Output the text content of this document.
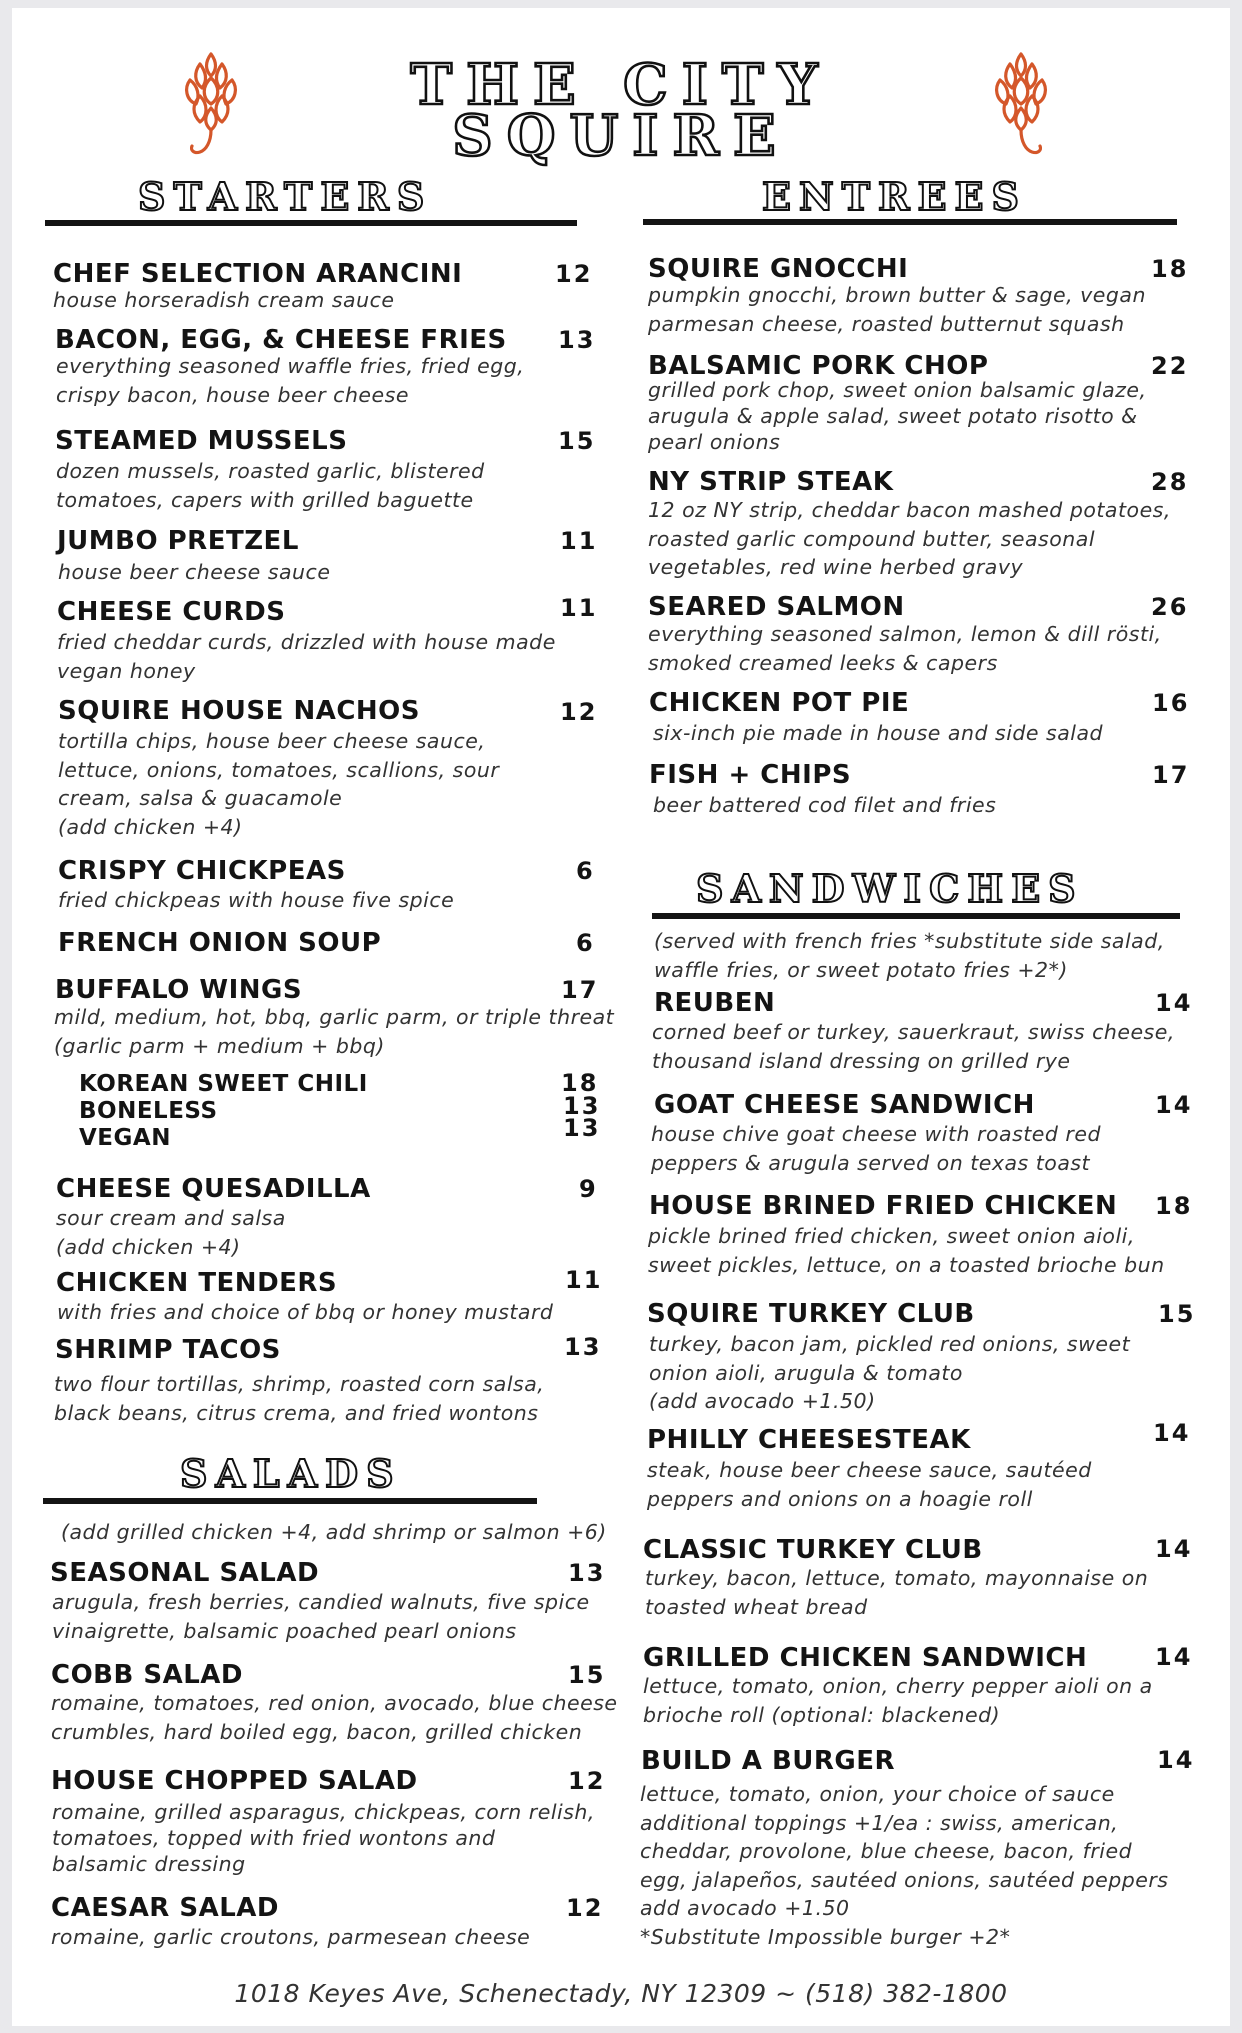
THE CITY
SQUIRE
STARTERS	ENTREES
SALADS
SANDWICHES
CHEF SELECTION ARANCINI	12
house horseradish cream sauce
BACON, EGG, & CHEESE FRIES 13
everything seasoned waffle fries, fried egg,
crispy bacon, house beer cheese
STEAMED MUSSELS	15
dozen mussels, roasted garlic, blistered
tomatoes, capers with grilled baguette
JUMBO PRETZEL	11
house beer cheese sauce
CHEESE CURDS	11
fried cheddar curds, drizzled with house made
vegan honey
SQUIRE HOUSE NACHOS	12
tortilla chips, house beer cheese sauce,
lettuce, onions, tomatoes, scallions, sour
cream, salsa & guacamole
(add chicken +4)
CRISPY CHICKPEAS	6
fried chickpeas with house five spice
FRENCH ONION SOUP	6
BUFFALO WINGS	17
mild, medium, hot, bbq, garlic parm, or triple threat
(garlic parm + medium + bbq)
KOREAN SWEET CHILI	18
BONELESS	13
VEGAN	13
CHEESE QUESADILLA	9
sour cream and salsa
(add chicken +4)
CHICKEN TENDERS	11
with fries and choice of bbq or honey mustard
SHRIMP TACOS	13
two flour tortillas, shrimp, roasted corn salsa,
black beans, citrus crema, and fried wontons
(add grilled chicken +4, add shrimp or salmon +6)
SEASONAL SALAD	13
arugula, fresh berries, candied walnuts, five spice
vinaigrette, balsamic poached pearl onions
COBB SALAD	15
romaine, tomatoes, red onion, avocado, blue cheese
crumbles, hard boiled egg, bacon, grilled chicken
HOUSE CHOPPED SALAD	12
romaine, grilled asparagus, chickpeas, corn relish,
tomatoes, topped with fried wontons and
balsamic dressing
CAESAR SALAD	12
romaine, garlic croutons, parmesean cheese
SQUIRE GNOCCHI	18
pumpkin gnocchi, brown butter & sage, vegan
parmesan cheese, roasted butternut squash
BALSAMIC PORK CHOP	22
grilled pork chop, sweet onion balsamic glaze,
arugula & apple salad, sweet potato risotto &
pearl onions
NY STRIP STEAK	28
12 oz NY strip, cheddar bacon mashed potatoes,
roasted garlic compound butter, seasonal
vegetables, red wine herbed gravy
SEARED SALMON	26
everything seasoned salmon, lemon & dill rösti,
smoked creamed leeks & capers
CHICKEN POT PIE	16
six-inch pie made in house and side salad
FISH + CHIPS	17
beer battered cod filet and fries
(served with french fries *substitute side salad,
waffle fries, or sweet potato fries +2*)
REUBEN	14
corned beef or turkey, sauerkraut, swiss cheese,
thousand island dressing on grilled rye
GOAT CHEESE SANDWICH	14
house chive goat cheese with roasted red
peppers & arugula served on texas toast
HOUSE BRINED FRIED CHICKEN 18
pickle brined fried chicken, sweet onion aioli,
sweet pickles, lettuce, on a toasted brioche bun
SQUIRE TURKEY CLUB	15
turkey, bacon jam, pickled red onions, sweet
onion aioli, arugula & tomato
(add avocado +1.50)
PHILLY CHEESESTEAK	14
steak, house beer cheese sauce, sautéed
peppers and onions on a hoagie roll
CLASSIC TURKEY CLUB	14
turkey, bacon, lettuce, tomato, mayonnaise on
toasted wheat bread
GRILLED CHICKEN SANDWICH	14
lettuce, tomato, onion, cherry pepper aioli on a
brioche roll (optional: blackened)
BUILD A BURGER	14
lettuce, tomato, onion, your choice of sauce
additional toppings +1/ea : swiss, american,
cheddar, provolone, blue cheese, bacon, fried
egg, jalapeños, sautéed onions, sautéed peppers
add avocado +1.50
*Substitute Impossible burger +2*
1018 Keyes Ave, Schenectady, NY 12309 ~ (518) 382-1800
